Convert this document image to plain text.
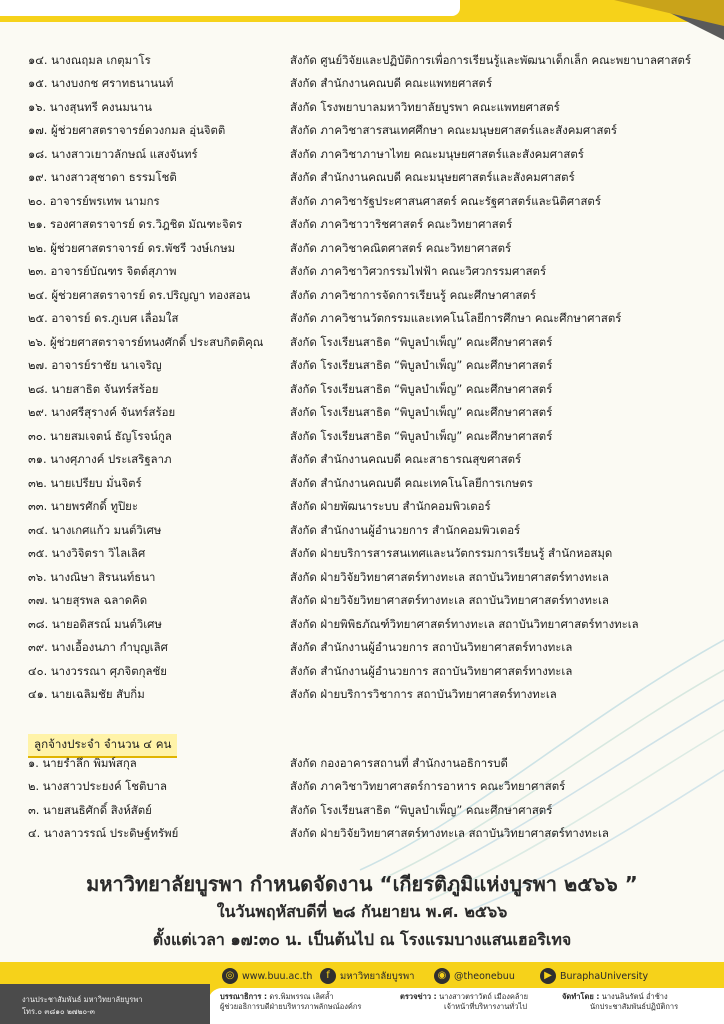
๑๔. นางณฤมล เกตุมาโร	สังกัด ศูนย์วิจัยและปฏิบัติการเพื่อการเรียนรู้และพัฒนาเด็กเล็ก คณะพยาบาลศาสตร์
๑๕. นางบงกช ศราทธนานนท์	สังกัด สำนักงานคณบดี คณะแพทยศาสตร์
๑๖. นางสุนทรี คงนมนาน	สังกัด โรงพยาบาลมหาวิทยาลัยบูรพา คณะแพทยศาสตร์
๑๗. ผู้ช่วยศาสตราจารย์ดวงกมล อุ่นจิตติ	สังกัด ภาควิชาสารสนเทศศึกษา คณะมนุษยศาสตร์และสังคมศาสตร์
๑๘. นางสาวเยาวลักษณ์ แสงจันทร์	สังกัด ภาควิชาภาษาไทย คณะมนุษยศาสตร์และสังคมศาสตร์
๑๙. นางสาวสุชาดา ธรรมโชติ	สังกัด สำนักงานคณบดี คณะมนุษยศาสตร์และสังคมศาสตร์
๒๐. อาจารย์พรเทพ นามกร	สังกัด ภาควิชารัฐประศาสนศาสตร์ คณะรัฐศาสตร์และนิติศาสตร์
๒๑. รองศาสตราจารย์ ดร.วิฎชิต มัณฑะจิตร	สังกัด ภาควิชาวาริชศาสตร์ คณะวิทยาศาสตร์
๒๒. ผู้ช่วยศาสตราจารย์ ดร.พัชรี วงษ์เกษม	สังกัด ภาควิชาคณิตศาสตร์ คณะวิทยาศาสตร์
๒๓. อาจารย์บัณฑร จิตต์สุภาพ	สังกัด ภาควิชาวิศวกรรมไฟฟ้า คณะวิศวกรรมศาสตร์
๒๔. ผู้ช่วยศาสตราจารย์ ดร.ปริญญา ทองสอน	สังกัด ภาควิชาการจัดการเรียนรู้ คณะศึกษาศาสตร์
๒๕. อาจารย์ ดร.ภูเบศ เลื่อมใส	สังกัด ภาควิชานวัตกรรมและเทคโนโลยีการศึกษา คณะศึกษาศาสตร์
๒๖. ผู้ช่วยศาสตราจารย์ทนงศักดิ์ ประสบกิตติคุณ	สังกัด โรงเรียนสาธิต “พิบูลบำเพ็ญ” คณะศึกษาศาสตร์
๒๗. อาจารย์ราชัย นาเจริญ	สังกัด โรงเรียนสาธิต “พิบูลบำเพ็ญ” คณะศึกษาศาสตร์
๒๘. นายสาธิต จันทร์สร้อย	สังกัด โรงเรียนสาธิต “พิบูลบำเพ็ญ” คณะศึกษาศาสตร์
๒๙. นางศรีสุรางค์ จันทร์สร้อย	สังกัด โรงเรียนสาธิต “พิบูลบำเพ็ญ” คณะศึกษาศาสตร์
๓๐. นายสมเจตน์ ธัญโรจน์กูล	สังกัด โรงเรียนสาธิต “พิบูลบำเพ็ญ” คณะศึกษาศาสตร์
๓๑. นางศุภางค์ ประเสริฐลาภ	สังกัด สำนักงานคณบดี คณะสาธารณสุขศาสตร์
๓๒. นายเปรียบ มั่นจิตร์	สังกัด สำนักงานคณบดี คณะเทคโนโลยีการเกษตร
๓๓. นายพรศักดิ์ ทูปิยะ	สังกัด ฝ่ายพัฒนาระบบ สำนักคอมพิวเตอร์
๓๔. นางเกศแก้ว มนต์วิเศษ	สังกัด สำนักงานผู้อำนวยการ สำนักคอมพิวเตอร์
๓๕. นางวิจิตรา วิไลเลิศ	สังกัด ฝ่ายบริการสารสนเทศและนวัตกรรมการเรียนรู้ สำนักหอสมุด
๓๖. นางณิษา สิรนนท์ธนา	สังกัด ฝ่ายวิจัยวิทยาศาสตร์ทางทะเล สถาบันวิทยาศาสตร์ทางทะเล
๓๗. นายสุรพล ฉลาดคิด	สังกัด ฝ่ายวิจัยวิทยาศาสตร์ทางทะเล สถาบันวิทยาศาสตร์ทางทะเล
๓๘. นายอดิสรณ์ มนต์วิเศษ	สังกัด ฝ่ายพิพิธภัณฑ์วิทยาศาสตร์ทางทะเล สถาบันวิทยาศาสตร์ทางทะเล
๓๙. นางเอื้องนภา กำบุญเลิศ	สังกัด สำนักงานผู้อำนวยการ สถาบันวิทยาศาสตร์ทางทะเล
๔๐. นางวรรณา ศุภจิตกุลชัย	สังกัด สำนักงานผู้อำนวยการ สถาบันวิทยาศาสตร์ทางทะเล
๔๑. นายเฉลิมชัย สับกิ่ม	สังกัด ฝ่ายบริการวิชาการ สถาบันวิทยาศาสตร์ทางทะเล
ลูกจ้างประจำ จำนวน ๔ คน
๑. นายรำลึก พิมพ์สกุล	สังกัด กองอาคารสถานที่ สำนักงานอธิการบดี
๒. นางสาวประยงค์ โชติบาล	สังกัด ภาควิชาวิทยาศาสตร์การอาหาร คณะวิทยาศาสตร์
๓. นายสนธิศักดิ์ สิงห์สัตย์	สังกัด โรงเรียนสาธิต “พิบูลบำเพ็ญ” คณะศึกษาศาสตร์
๔. นางลาวรรณ์ ประดิษฐ์ทรัพย์	สังกัด ฝ่ายวิจัยวิทยาศาสตร์ทางทะเล สถาบันวิทยาศาสตร์ทางทะเล
มหาวิทยาลัยบูรพา กำหนดจัดงาน “เกียรติภูมิแห่งบูรพา ๒๕๖๖ ”
ในวันพฤหัสบดีที่ ๒๘ กันยายน พ.ศ. ๒๕๖๖
ตั้งแต่เวลา ๑๗:๓๐ น. เป็นต้นไป ณ โรงแรมบางแสนเฮอริเทจ
งานประชาสัมพันธ์ มหาวิทยาลัยบูรพา
โทร.๐ ๓๘๑๐ ๒๗๒๐-๓
◎ www.buu.ac.th	f	มหาวิทยาลัยบูรพา	◉ @theonebuu	▶ BuraphaUniversity
บรรณาธิการ : ดร.พิมพรรณ เลิศล้ำ
ผู้ช่วยอธิการบดีฝ่ายบริหารภาพลักษณ์องค์กร
ตรวจข่าว : นางสาวตราวัตถ์ เมืองคล้าย
เจ้าหน้าที่บริหารงานทั่วไป
จัดทำโดย : นางนลินรัตน์ อ่ำช้าง
นักประชาสัมพันธ์ปฏิบัติการ
